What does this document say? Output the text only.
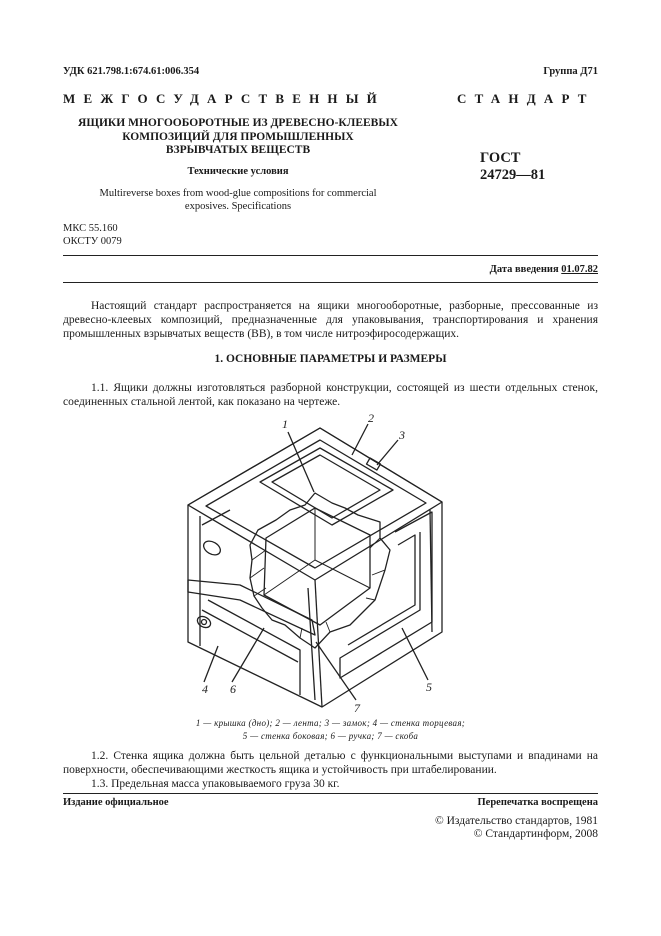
УДК 621.798.1:674.61:006.354	Группа Д71
МЕЖГОСУДАРСТВЕННЫЙ	СТАНДАРТ
ЯЩИКИ МНОГООБОРОТНЫЕ ИЗ ДРЕВЕСНО-КЛЕЕВЫХ
КОМПОЗИЦИЙ ДЛЯ ПРОМЫШЛЕННЫХ
ВЗРЫВЧАТЫХ ВЕЩЕСТВ	ГОСТ
24729—81
Технические условия
Multireverse boxes from wood-glue compositions for commercial
exposives. Specifications
МКС 55.160
ОКСТУ 0079
Дата введения 01.07.82
Настоящий стандарт распространяется на ящики многооборотные, разборные, прессованные из древесно-клеевых композиций, предназначенные для упаковывания, транспортирования и хранения промышленных взрывчатых веществ (ВВ), в том числе нитроэфиросодержащих.
1. ОСНОВНЫЕ ПАРАМЕТРЫ И РАЗМЕРЫ
1.1. Ящики должны изготовляться разборной конструкции, состоящей из шести отдельных стенок, соединенных стальной лентой, как показано на чертеже.
1	2
3
4	5
6
7
1 — крышка (дно); 2 — лента; 3 — замок; 4 — стенка торцевая;
5 — стенка боковая; 6 — ручка; 7 — скоба
1.2. Стенка ящика должна быть цельной деталью с функциональными выступами и впадинами на поверхности, обеспечивающими жесткость ящика и устойчивость при штабелировании.
1.3. Предельная масса упаковываемого груза 30 кг.
Издание официальное	Перепечатка воспрещена
© Издательство стандартов, 1981
© Стандартинформ, 2008
